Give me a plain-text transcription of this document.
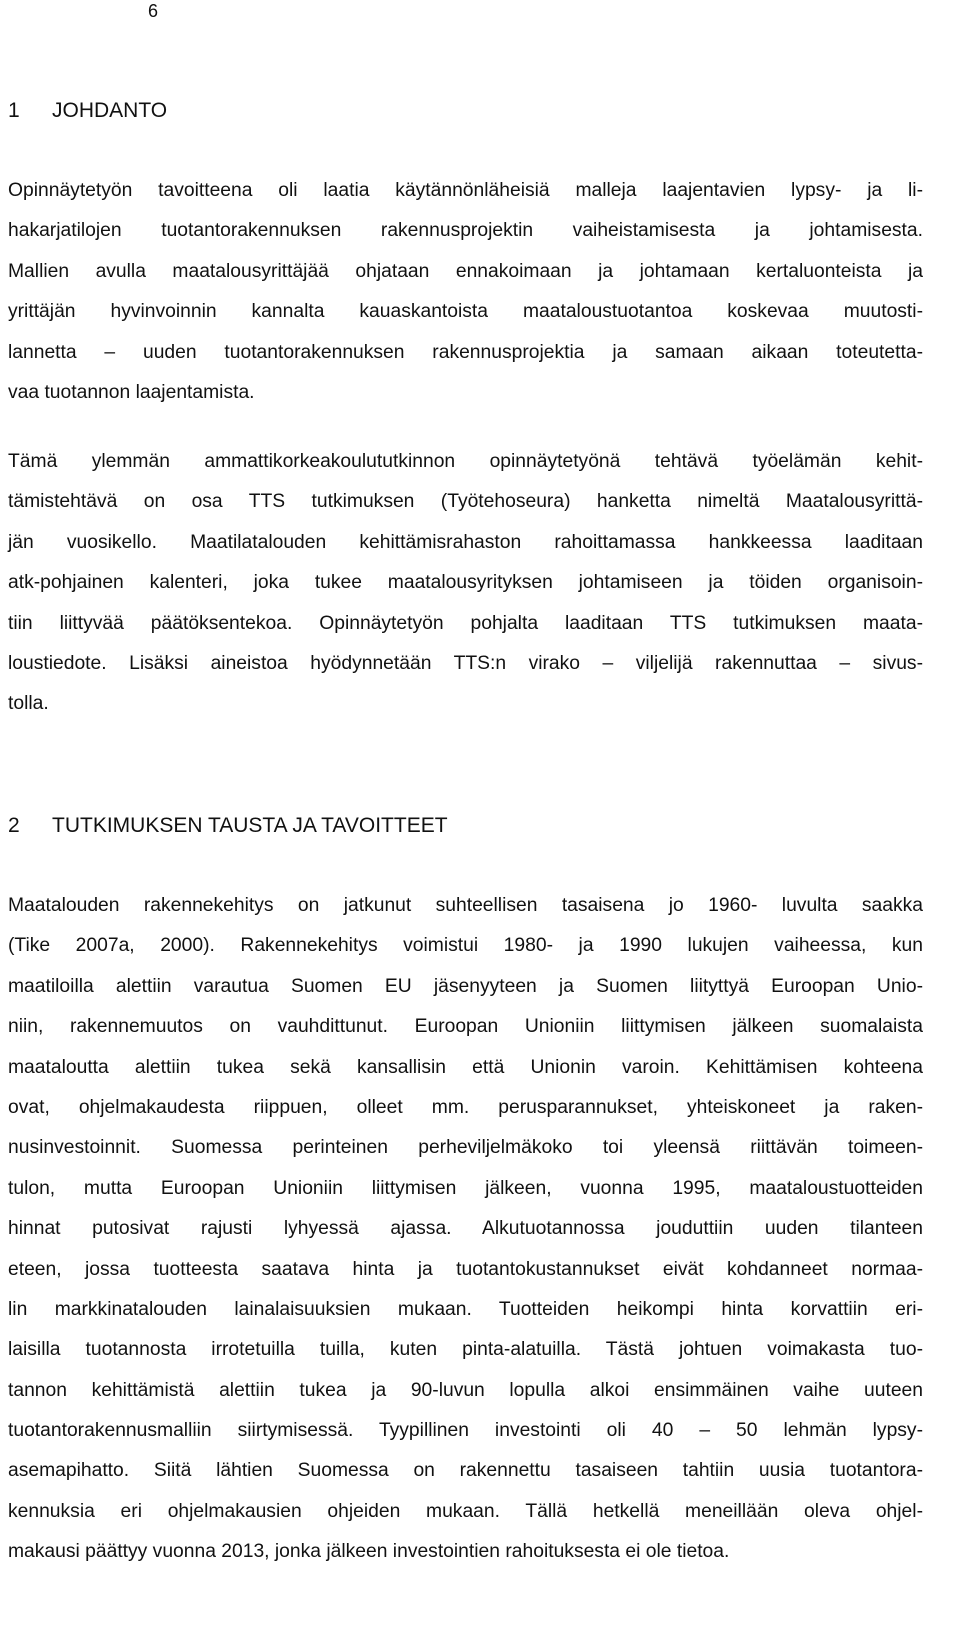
6
1 JOHDANTO
Opinnäytetyön tavoitteena oli laatia käytännönläheisiä malleja laajentavien lypsy- ja li-
hakarjatilojen tuotantorakennuksen rakennusprojektin vaiheistamisesta ja johtamisesta.
Mallien avulla maatalousyrittäjää ohjataan ennakoimaan ja johtamaan kertaluonteista ja
yrittäjän hyvinvoinnin kannalta kauaskantoista maataloustuotantoa koskevaa muutosti-
lannetta – uuden tuotantorakennuksen rakennusprojektia ja samaan aikaan toteutetta-
vaa tuotannon laajentamista.
Tämä ylemmän ammattikorkeakoulututkinnon opinnäytetyönä tehtävä työelämän kehit-
tämistehtävä on osa TTS tutkimuksen (Työtehoseura) hanketta nimeltä Maatalousyrittä-
jän vuosikello. Maatilatalouden kehittämisrahaston rahoittamassa hankkeessa laaditaan
atk-pohjainen kalenteri, joka tukee maatalousyrityksen johtamiseen ja töiden organisoin-
tiin liittyvää päätöksentekoa. Opinnäytetyön pohjalta laaditaan TTS tutkimuksen maata-
loustiedote. Lisäksi aineistoa hyödynnetään TTS:n virako – viljelijä rakennuttaa – sivus-
tolla.
2 TUTKIMUKSEN TAUSTA JA TAVOITTEET
Maatalouden rakennekehitys on jatkunut suhteellisen tasaisena jo 1960- luvulta saakka
(Tike 2007a, 2000). Rakennekehitys voimistui 1980- ja 1990 lukujen vaiheessa, kun
maatiloilla alettiin varautua Suomen EU jäsenyyteen ja Suomen liityttyä Euroopan Unio-
niin, rakennemuutos on vauhdittunut. Euroopan Unioniin liittymisen jälkeen suomalaista
maataloutta alettiin tukea sekä kansallisin että Unionin varoin. Kehittämisen kohteena
ovat, ohjelmakaudesta riippuen, olleet mm. perusparannukset, yhteiskoneet ja raken-
nusinvestoinnit. Suomessa perinteinen perheviljelmäkoko toi yleensä riittävän toimeen-
tulon, mutta Euroopan Unioniin liittymisen jälkeen, vuonna 1995, maataloustuotteiden
hinnat putosivat rajusti lyhyessä ajassa. Alkutuotannossa jouduttiin uuden tilanteen
eteen, jossa tuotteesta saatava hinta ja tuotantokustannukset eivät kohdanneet normaa-
lin markkinatalouden lainalaisuuksien mukaan. Tuotteiden heikompi hinta korvattiin eri-
laisilla tuotannosta irrotetuilla tuilla, kuten pinta-alatuilla. Tästä johtuen voimakasta tuo-
tannon kehittämistä alettiin tukea ja 90-luvun lopulla alkoi ensimmäinen vaihe uuteen
tuotantorakennusmalliin siirtymisessä. Tyypillinen investointi oli 40 – 50 lehmän lypsy-
asemapihatto. Siitä lähtien Suomessa on rakennettu tasaiseen tahtiin uusia tuotantora-
kennuksia eri ohjelmakausien ohjeiden mukaan. Tällä hetkellä meneillään oleva ohjel-
makausi päättyy vuonna 2013, jonka jälkeen investointien rahoituksesta ei ole tietoa.
